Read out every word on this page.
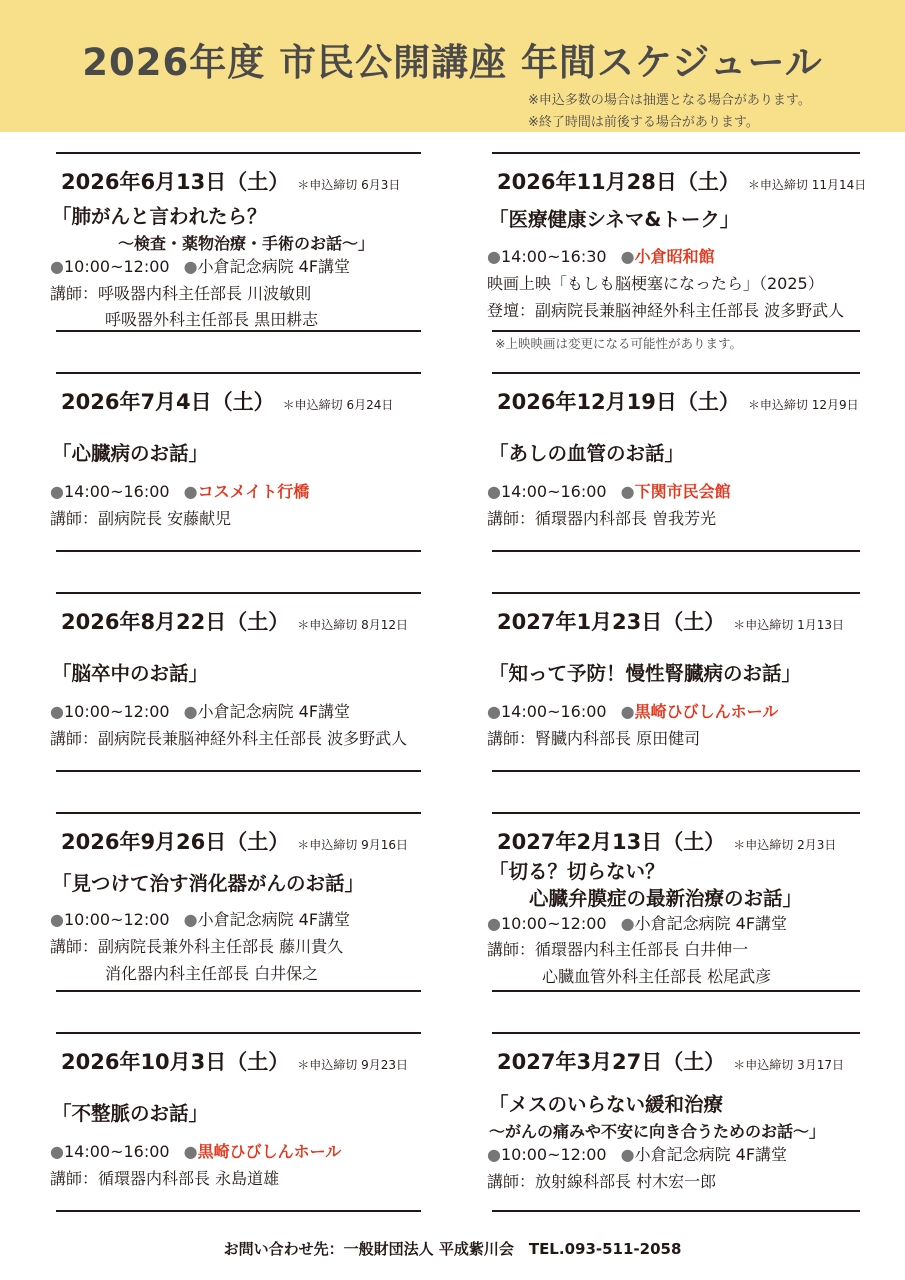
2026年度 市民公開講座 年間スケジュール
※申込多数の場合は抽選となる場合があります。
※終了時間は前後する場合があります。
2026年6月13日（土） ＊申込締切 6月3日
「肺がんと言われたら？
〜検査・薬物治療・手術のお話〜」
●10:00~12:00 ●小倉記念病院 4F講堂
講師：呼吸器内科主任部長 川波敏則
呼吸器外科主任部長 黒田耕志
2026年7月4日（土） ＊申込締切 6月24日
「心臓病のお話」
●14:00~16:00 ●コスメイト行橋
講師：副病院長 安藤献児
2026年8月22日（土） ＊申込締切 8月12日
「脳卒中のお話」
●10:00~12:00 ●小倉記念病院 4F講堂
講師：副病院長兼脳神経外科主任部長 波多野武人
2026年9月26日（土） ＊申込締切 9月16日
「見つけて治す消化器がんのお話」
●10:00~12:00 ●小倉記念病院 4F講堂
講師：副病院長兼外科主任部長 藤川貴久
消化器内科主任部長 白井保之
2026年10月3日（土） ＊申込締切 9月23日
「不整脈のお話」
●14:00~16:00 ●黒崎ひびしんホール
講師：循環器内科部長 永島道雄
2026年11月28日（土） ＊申込締切 11月14日
「医療健康シネマ&トーク」
●14:00~16:30 ●小倉昭和館
映画上映「もしも脳梗塞になったら」（2025）
登壇：副病院長兼脳神経外科主任部長 波多野武人
※上映映画は変更になる可能性があります。
2026年12月19日（土） ＊申込締切 12月9日
「あしの血管のお話」
●14:00~16:00 ●下関市民会館
講師：循環器内科部長 曽我芳光
2027年1月23日（土） ＊申込締切 1月13日
「知って予防！慢性腎臓病のお話」
●14:00~16:00 ●黒崎ひびしんホール
講師：腎臓内科部長 原田健司
2027年2月13日（土） ＊申込締切 2月3日
「切る？切らない？
心臓弁膜症の最新治療のお話」
●10:00~12:00 ●小倉記念病院 4F講堂
講師：循環器内科主任部長 白井伸一
心臓血管外科主任部長 松尾武彦
2027年3月27日（土） ＊申込締切 3月17日
「メスのいらない緩和治療
〜がんの痛みや不安に向き合うためのお話〜」
●10:00~12:00 ●小倉記念病院 4F講堂
講師：放射線科部長 村木宏一郎
お問い合わせ先：一般財団法人 平成紫川会　TEL.093-511-2058
